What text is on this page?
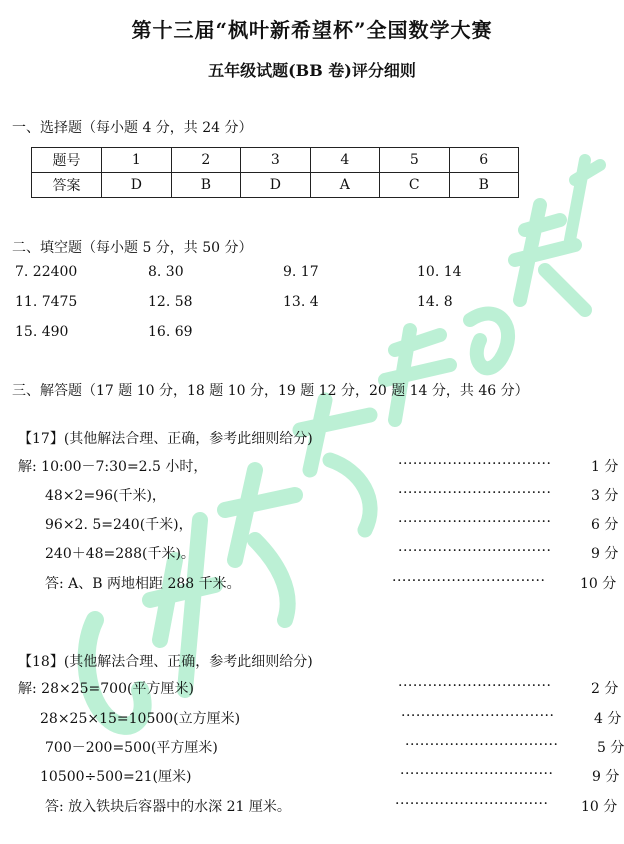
第十三届“枫叶新希望杯”全国数学大赛
五年级试题(BB 卷)评分细则
一、选择题（每小题 4 分，共 24 分）
题号	1	2	3	4	5	6
答案	D	B	D	A	C	B
二、填空题（每小题 5 分，共 50 分）
7. 22400	8. 30	9. 17	10. 14
11. 7475	12. 58	13. 4	14. 8
15. 490	16. 69
三、解答题（17 题 10 分，18 题 10 分，19 题 12 分，20 题 14 分，共 46 分）
【17】(其他解法合理、正确，参考此细则给分)
解: 10:00－7:30=2.5 小时，	·······························	1 分
48×2=96(千米)，	·······························	3 分
96×2. 5=240(千米)，	·······························	6 分
240＋48=288(千米)。	·······························	9 分
答: A、B 两地相距 288 千米。	······························· 10 分
【18】(其他解法合理、正确，参考此细则给分)
解: 28×25=700(平方厘米)	·······························	2 分
28×25×15=10500(立方厘米)	·······························	4 分
700－200=500(平方厘米)	·······························	5 分
10500÷500=21(厘米)	·······························	9 分
答: 放入铁块后容器中的水深 21 厘米。	······························· 10 分
